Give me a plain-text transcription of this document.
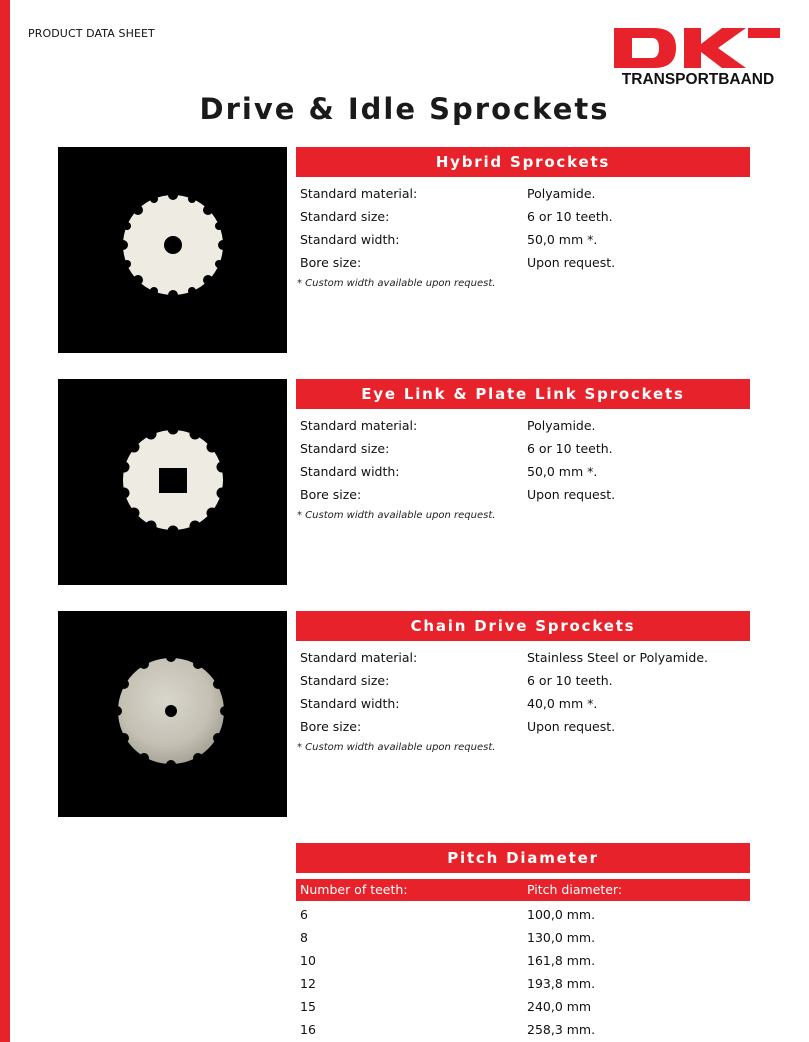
PRODUCT DATA SHEET
TRANSPORTBAAND
Drive & Idle Sprockets
Hybrid Sprockets
Standard material:	Polyamide.
Standard size:	6 or 10 teeth.
Standard width:	50,0 mm *.
Bore size:	Upon request.
* Custom width available upon request.
Eye Link & Plate Link Sprockets
Standard material:	Polyamide.
Standard size:	6 or 10 teeth.
Standard width:	50,0 mm *.
Bore size:	Upon request.
* Custom width available upon request.
Chain Drive Sprockets
Standard material:	Stainless Steel or Polyamide.
Standard size:	6 or 10 teeth.
Standard width:	40,0 mm *.
Bore size:	Upon request.
* Custom width available upon request.
Pitch Diameter
Number of teeth:	Pitch diameter:
6	100,0 mm.
8	130,0 mm.
10	161,8 mm.
12	193,8 mm.
15	240,0 mm
16	258,3 mm.
